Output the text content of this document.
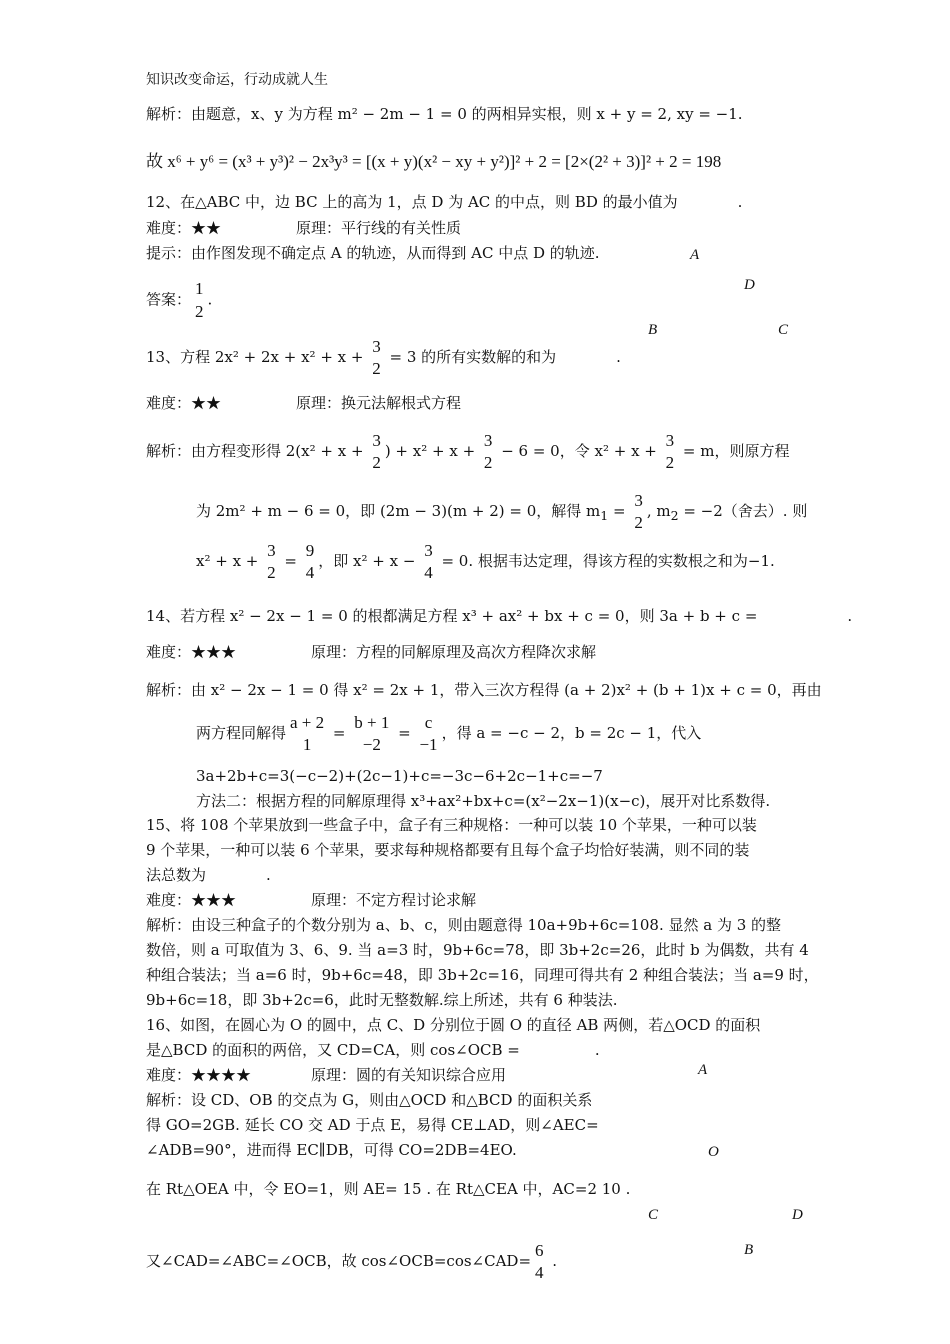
知识改变命运，行动成就人生
解析：由题意，x、y 为方程 m² − 2m − 1 = 0 的两相异实根，则 x + y = 2, xy = −1.
故 x⁶ + y⁶ = (x³ + y³)² − 2x³y³ = [(x + y)(x² − xy + y²)]² + 2 = [2×(2² + 3)]² + 2 = 198
12、在△ABC 中，边 BC 上的高为 1，点 D 为 AC 的中点，则 BD 的最小值为　　　　.
难度：★★　　　　　原理：平行线的有关性质
提示：由作图发现不确定点 A 的轨迹，从而得到 AC 中点 D 的轨迹.
答案：
1
2
.
A
D
B	C
13、方程 2x² + 2x + x² + x +
3
2
= 3 的所有实数解的和为　　　　.
难度：★★　　　　　原理：换元法解根式方程
解析：由方程变形得 2(x² + x +
3
2
) + x² + x +
3
2
− 6 = 0，令 x² + x +
3
2
= m，则原方程
为 2m² + m − 6 = 0，即 (2m − 3)(m + 2) = 0，解得 $m_1$ =
3
2
, $m_2 = -2$（舍去）. 则
x² + x +
3
2
=
9
4
，即 x² + x −
3
4
= 0. 根据韦达定理，得该方程的实数根之和为−1.
14、若方程 x² − 2x − 1 = 0 的根都满足方程 x³ + ax² + bx + c = 0，则 3a + b + c =　　　　　　.
难度：★★★　　　　　原理：方程的同解原理及高次方程降次求解
解析：由 x² − 2x − 1 = 0 得 x² = 2x + 1，带入三次方程得 (a + 2)x² + (b + 1)x + c = 0，再由
两方程同解得
a + 2
1
=
b + 1
−2
=
c
−1
，得 a = −c − 2，b = 2c − 1，代入
3a+2b+c=3(−c−2)+(2c−1)+c=−3c−6+2c−1+c=−7
方法二：根据方程的同解原理得 x³+ax²+bx+c=(x²−2x−1)(x−c)，展开对比系数得.
15、将 108 个苹果放到一些盒子中，盒子有三种规格：一种可以装 10 个苹果，一种可以装
9 个苹果，一种可以装 6 个苹果，要求每种规格都要有且每个盒子均恰好装满，则不同的装
法总数为　　　　.
难度：★★★　　　　　原理：不定方程讨论求解
解析：由设三种盒子的个数分别为 a、b、c，则由题意得 10a+9b+6c=108. 显然 a 为 3 的整
数倍，则 a 可取值为 3、6、9. 当 a=3 时，9b+6c=78，即 3b+2c=26，此时 b 为偶数，共有 4
种组合装法；当 a=6 时，9b+6c=48，即 3b+2c=16，同理可得共有 2 种组合装法；当 a=9 时，
9b+6c=18，即 3b+2c=6，此时无整数解.综上所述，共有 6 种装法.
16、如图，在圆心为 O 的圆中，点 C、D 分别位于圆 O 的直径 AB 两侧，若△OCD 的面积
是△BCD 的面积的两倍，又 CD=CA，则 cos∠OCB =　　　　　.
难度：★★★★　　　　原理：圆的有关知识综合应用
解析：设 CD、OB 的交点为 G，则由△OCD 和△BCD 的面积关系
得 GO=2GB. 延长 CO 交 AD 于点 E，易得 CE⊥AD，则∠AEC=
∠ADB=90°，进而得 EC∥DB，可得 CO=2DB=4EO.
在 Rt△OEA 中，令 EO=1，则 AE= 15 . 在 Rt△CEA 中，AC=2 10 .
又∠CAD=∠ABC=∠OCB，故 cos∠OCB=cos∠CAD=
6
4
.
A
O
C	D
B
